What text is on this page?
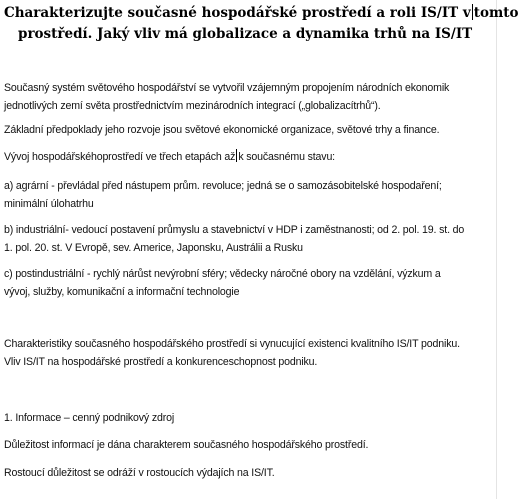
Charakterizujte současné hospodářské prostředí a roli IS/IT v tomto
prostředí. Jaký vliv má globalizace a dynamika trhů na IS/IT
Současný systém světového hospodářství se vytvořil vzájemným propojením národních ekonomik
jednotlivých zemí světa prostřednictvím mezinárodních integrací („globalizacítrhů“).
Základní předpoklady jeho rozvoje jsou světové ekonomické organizace, světové trhy a finance.
Vývoj hospodářskéhoprostředí ve třech etapách až k současnému stavu:
a) agrární - převládal před nástupem prům. revoluce; jedná se o samozásobitelské hospodaření;
minimální úlohatrhu
b) industriální- vedoucí postavení průmyslu a stavebnictví v HDP i zaměstnanosti; od 2. pol. 19. st. do
1. pol. 20. st. V Evropě, sev. Americe, Japonsku, Austrálii a Rusku
c) postindustriální - rychlý nárůst nevýrobní sféry; vědecky náročné obory na vzdělání, výzkum a
vývoj, služby, komunikační a informační technologie
Charakteristiky současného hospodářského prostředí si vynucující existenci kvalitního IS/IT podniku.
Vliv IS/IT na hospodářské prostředí a konkurenceschopnost podniku.
1. Informace – cenný podnikový zdroj
Důležitost informací je dána charakterem současného hospodářského prostředí.
Rostoucí důležitost se odráží v rostoucích výdajích na IS/IT.
